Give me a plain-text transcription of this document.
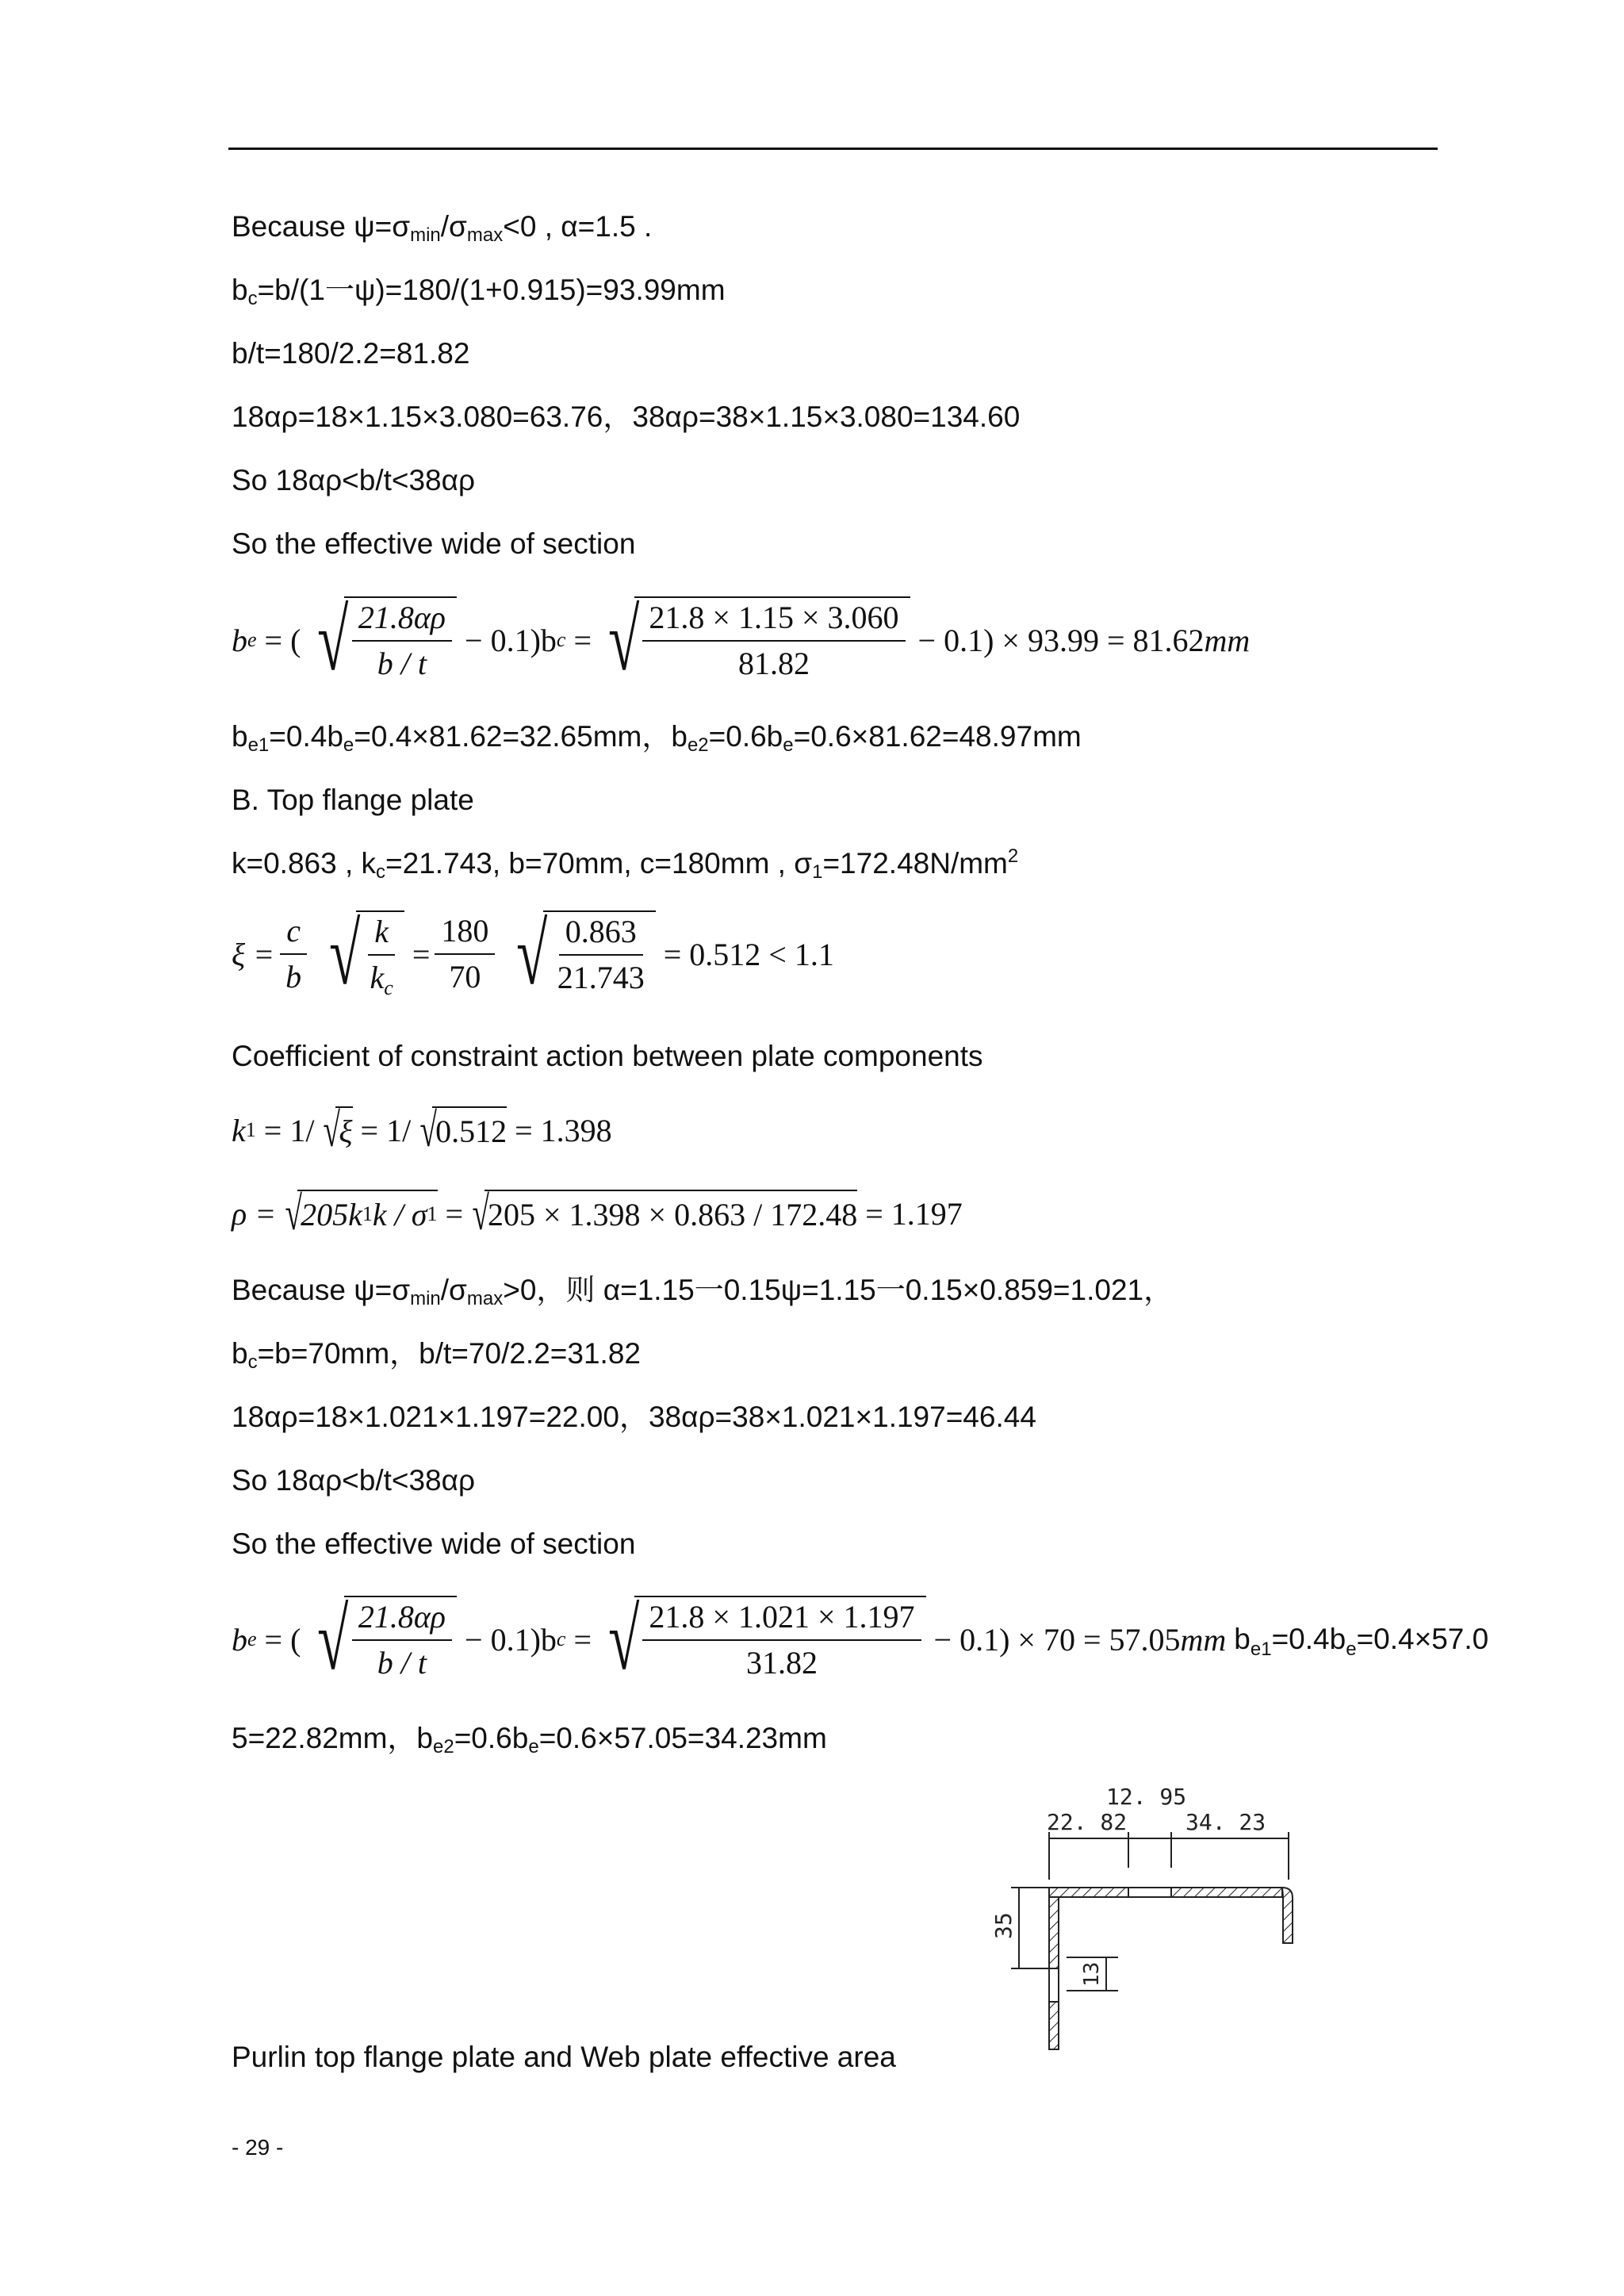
Because $\psi=\sigma_{min}/\sigma_{max}<0$ , α=1.5 .
$b_c=b/(1$一ψ)=180/(1+0.915)=93.99mm
b/t=180/2.2=81.82
18αρ=18×1.15×3.080=63.76，38αρ=38×1.15×3.080=134.60
So 18αρ<b/t<38αρ
So the effective wide of section
b e = ( √ $\frac{21.8\alpha\rho}{b / t} - 0.1)b$ c = √ $\frac{21.8 \times 1.15 \times 3.060}{81.82} - 0.1) \times 93.99 = 81.62$ mm
$b_{e1}=0.4b_e=0.4\times 81.62=32.65mm$，$b_{e2}=0.6b_e=0.6\times 81.62=48.97mm$
B. Top flange plate
k=0.863 , $k_c=21.743$, b=70mm, c=180mm , $\sigma_1=172.48N/mm^2$
$\xi = \frac{c}{b}$ √ $\frac{k}{k_c} = \frac{180}{70}$ √ $\frac{0.863}{21.743} = 0.512 < 1.1$
Coefficient of constraint action between plate components
k 1 = 1/ √
ξ = 1/ √
0.512 = 1.398
ρ = √
205k 1 k / σ 1 = √
205 × 1.398 × 0.863 / 172.48 = 1.197
Because $\psi=\sigma_{min}/\sigma_{max}>0$，则 α=1.15一0.15ψ=1.15一0.15×0.859=1.021，
$b_c=b=70mm$，b/t=70/2.2=31.82
18αρ=18×1.021×1.197=22.00，38αρ=38×1.021×1.197=46.44
So 18αρ<b/t<38αρ
So the effective wide of section
b e = ( √ $\frac{21.8\alpha\rho}{b / t} - 0.1)b$ c = √ $\frac{21.8 \times 1.021 \times 1.197}{31.82} - 0.1) \times 70 = 57.05$ mm $b_{e1}=0.4b_e=0.4\times 57.0$
5=22.82mm，$b_{e2}=0.6b_e=0.6\times 57.05=34.23mm$
12. 95
22. 82	34. 23
35
13
Purlin top flange plate and Web plate effective area
- 29 -
